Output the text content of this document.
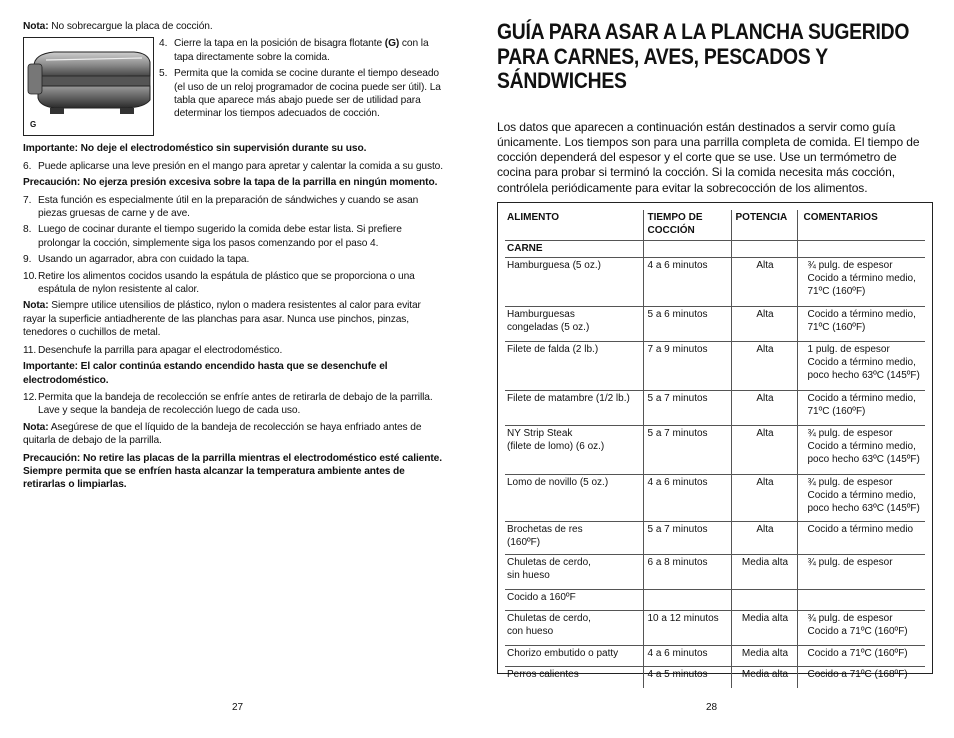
Nota: No sobrecargue la placa de cocción.
G
4. Cierre la tapa en la posición de bisagra flotante (G) con la tapa directamente sobre la comida.
5. Permita que la comida se cocine durante el tiempo deseado (el uso de un reloj programador de cocina puede ser útil). La tabla que aparece más abajo puede ser de utilidad para determinar los tiempos adecuados de cocción.
Importante: No deje el electrodoméstico sin supervisión durante su uso.
6. Puede aplicarse una leve presión en el mango para apretar y calentar la comida a su gusto.
Precaución: No ejerza presión excesiva sobre la tapa de la parrilla en ningún momento.
7. Esta función es especialmente útil en la preparación de sándwiches y cuando se asan piezas gruesas de carne y de ave.
8. Luego de cocinar durante el tiempo sugerido la comida debe estar lista. Si prefiere prolongar la cocción, simplemente siga los pasos comenzando por el paso 4.
9. Usando un agarrador, abra con cuidado la tapa.
10. Retire los alimentos cocidos usando la espátula de plástico que se proporciona o una espátula de nylon resistente al calor.
Nota: Siempre utilice utensilios de plástico, nylon o madera resistentes al calor para evitar rayar la superficie antiadherente de las planchas para asar. Nunca use pinchos, pinzas, tenedores o cuchillos de metal.
11. Desenchufe la parrilla para apagar el electrodoméstico.
Importante: El calor continúa estando encendido hasta que se desenchufe el electrodoméstico.
12. Permita que la bandeja de recolección se enfríe antes de retirarla de debajo de la parrilla. Lave y seque la bandeja de recolección luego de cada uso.
Nota: Asegúrese de que el líquido de la bandeja de recolección se haya enfriado antes de quitarla de debajo de la parrilla.
Precaución: No retire las placas de la parrilla mientras el electrodoméstico esté caliente. Siempre permita que se enfríen hasta alcanzar la temperatura ambiente antes de retirarlas o limpiarlas.
GUÍA PARA ASAR A LA PLANCHA SUGERIDO PARA CARNES, AVES, PESCADOS Y SÁNDWICHES
Los datos que aparecen a continuación están destinados a servir como guía únicamente. Los tiempos son para una parrilla completa de comida. El tiempo de cocción dependerá del espesor y el corte que se use. Use un termómetro de cocina para probar si terminó la cocción. Si la comida necesita más cocción, contrólela periódicamente para evitar la sobrecocción de los alimentos.
ALIMENTO	TIEMPO DE
COCCIÓN	POTENCIA	COMENTARIOS
CARNE			
Hamburguesa (5 oz.)	4 a 6 minutos	Alta	¾ pulg. de espesor
Cocido a término medio,
71ºC (160ºF)
Hamburguesas
congeladas (5 oz.)	5 a 6 minutos	Alta	Cocido a término medio,
71ºC (160ºF)
Filete de falda (2 lb.)	7 a 9 minutos	Alta	1 pulg. de espesor
Cocido a término medio,
poco hecho 63ºC (145ºF)
Filete de matambre (1/2 lb.)	5 a 7 minutos	Alta	Cocido a término medio,
71ºC (160ºF)
NY Strip Steak
(filete de lomo) (6 oz.)	5 a 7 minutos	Alta	¾ pulg. de espesor
Cocido a término medio,
poco hecho 63ºC (145ºF)
Lomo de novillo (5 oz.)	4 a 6 minutos	Alta	¾ pulg. de espesor
Cocido a término medio,
poco hecho 63ºC (145ºF)
Brochetas de res
(160ºF)	5 a 7 minutos	Alta	Cocido a término medio
Chuletas de cerdo,
sin hueso	6 a 8 minutos	Media alta	¾ pulg. de espesor
Cocido a 160ºF			
Chuletas de cerdo,
con hueso	10 a 12 minutos	Media alta	¾ pulg. de espesor
Cocido a 71ºC (160ºF)
Chorizo embutido o patty	4 a 6 minutos	Media alta	Cocido a 71ºC (160ºF)
Perros calientes	4 a 5 minutos	Media alta	Cocido a 71ºC (168ºF)
27	28
